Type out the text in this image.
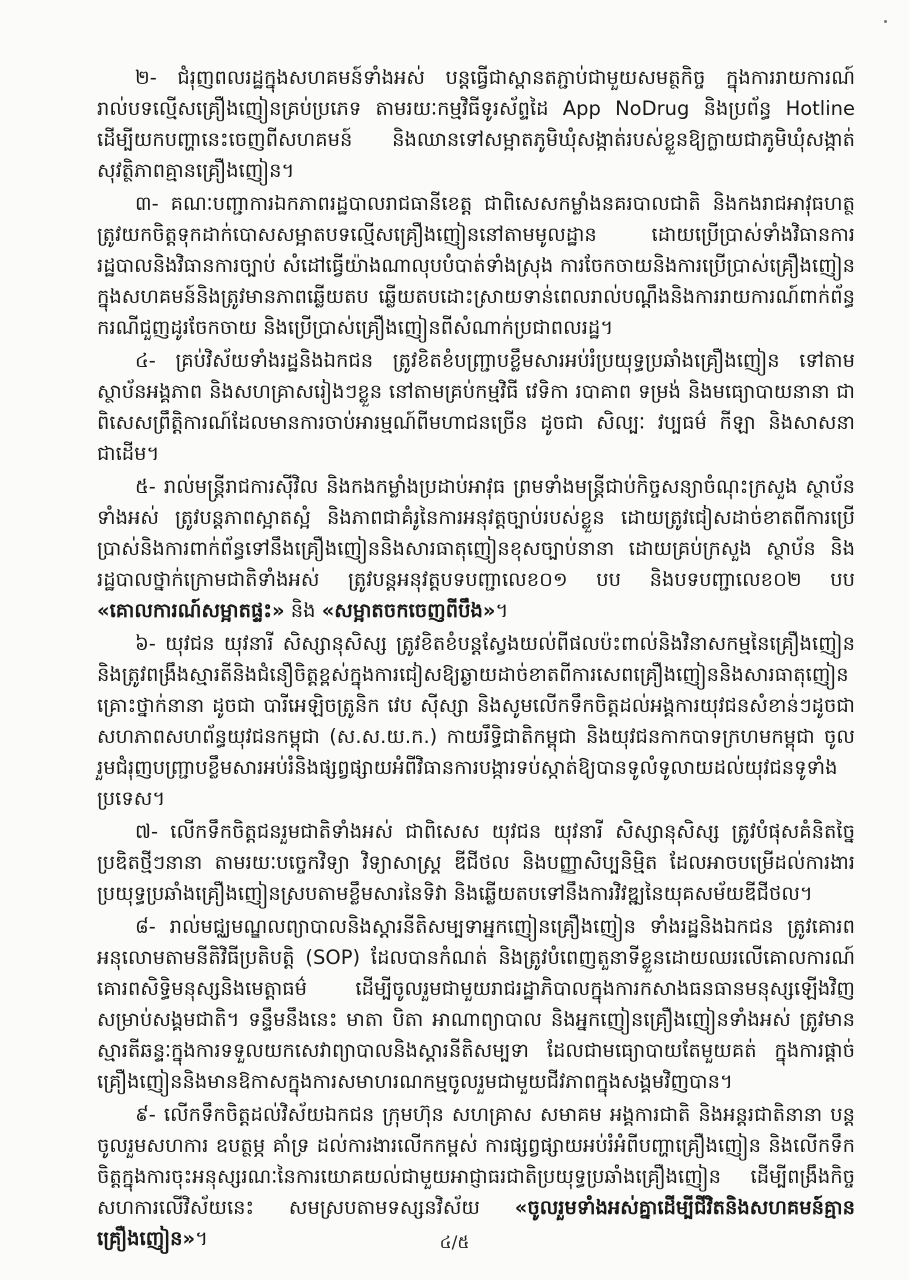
២- ជំរុញពលរដ្ឋក្នុងសហគមន៍ទាំងអស់ បន្តធ្វើជាស្ពានតភ្ជាប់ជាមួយសមត្ថកិច្ច ក្នុងការរាយការណ៍រាល់បទល្មើសគ្រឿងញៀនគ្រប់ប្រភេទ តាមរយៈកម្មវិធីទូរស័ព្ទដៃ App NoDrug និងប្រព័ន្ធ Hotline ដើម្បីយកបញ្ហានេះចេញពីសហគមន៍ និងឈានទៅសម្អាតភូមិឃុំសង្កាត់របស់ខ្លួនឱ្យក្លាយជាភូមិឃុំសង្កាត់សុវត្ថិភាពគ្មានគ្រឿងញៀន។

៣- គណៈបញ្ជាការឯកភាពរដ្ឋបាលរាជធានីខេត្ត ជាពិសេសកម្លាំងនគរបាលជាតិ និងកងរាជអាវុធហត្ថត្រូវយកចិត្តទុកដាក់បោសសម្អាតបទល្មើសគ្រឿងញៀននៅតាមមូលដ្ឋាន ដោយប្រើប្រាស់ទាំងវិធានការរដ្ឋបាលនិងវិធានការច្បាប់ សំដៅធ្វើយ៉ាងណាលុបបំបាត់ទាំងស្រុង ការចែកចាយនិងការប្រើប្រាស់គ្រឿងញៀនក្នុងសហគមន៍និងត្រូវមានភាពឆ្លើយតប ឆ្លើយតបដោះស្រាយទាន់ពេលរាល់បណ្ដឹងនិងការរាយការណ៍ពាក់ព័ន្ធករណីជួញដូរចែកចាយ និងប្រើប្រាស់គ្រឿងញៀនពីសំណាក់ប្រជាពលរដ្ឋ។

៤- គ្រប់វិស័យទាំងរដ្ឋនិងឯកជន ត្រូវខិតខំបញ្ជ្រាបខ្លឹមសារអប់រំប្រយុទ្ធប្រឆាំងគ្រឿងញៀន ទៅតាមស្ថាប័នអង្គភាព និងសហគ្រាសរៀងៗខ្លួន នៅតាមគ្រប់កម្មវិធី វេទិកា របាគាព ទម្រង់ និងមធ្យោបាយនានា ជាពិសេសព្រឹត្តិការណ៍ដែលមានការចាប់អារម្មណ៍ពីមហាជនច្រើន ដូចជា សិល្បៈ វប្បធម៌ កីឡា និងសាសនា ជាដើម។

៥- រាល់មន្ត្រីរាជការស៊ីវិល និងកងកម្លាំងប្រដាប់អាវុធ ព្រមទាំងមន្ត្រីជាប់កិច្ចសន្យាចំណុះក្រសួង ស្ថាប័នទាំងអស់ ត្រូវបន្តភាពស្អាតស្អំ និងភាពជាគំរូនៃការអនុវត្តច្បាប់របស់ខ្លួន ដោយត្រូវជៀសដាច់ខាតពីការប្រើប្រាស់និងការពាក់ព័ន្ធទៅនឹងគ្រឿងញៀននិងសារធាតុញៀនខុសច្បាប់នានា ដោយគ្រប់ក្រសួង ស្ថាប័ន និងរដ្ឋបាលថ្នាក់ក្រោមជាតិទាំងអស់ ត្រូវបន្តអនុវត្តបទបញ្ជាលេខ០១ បប និងបទបញ្ជាលេខ០២ បប «គោលការណ៍សម្អាតផ្ទះ» និង «សម្អាតចកចេញពីបឹង»។

៦- យុវជន យុវនារី សិស្សានុសិស្ស ត្រូវខិតខំបន្តស្វែងយល់ពីផលប៉ះពាល់និងវិនាសកម្មនៃគ្រឿងញៀននិងត្រូវពង្រឹងស្មារតីនិងជំនឿចិត្តខ្ពស់ក្នុងការជៀសឱ្យឆ្ងាយដាច់ខាតពីការសេពគ្រឿងញៀននិងសារធាតុញៀនគ្រោះថ្នាក់នានា ដូចជា បារីអេឡិចត្រូនិក វេប ស៊ីស្សា និងសូមលើកទឹកចិត្តដល់អង្គការយុវជនសំខាន់ៗដូចជាសហភាពសហព័ន្ធយុវជនកម្ពុជា (ស.ស.យ.ក.) កាយរឹទ្ធិជាតិកម្ពុជា និងយុវជនកាកបាទក្រហមកម្ពុជា ចូលរួមជំរុញបញ្ជ្រាបខ្លឹមសារអប់រំនិងផ្សព្វផ្សាយអំពីវិធានការបង្ការទប់ស្កាត់ឱ្យបានទូលំទូលាយដល់យុវជនទូទាំងប្រទេស។

៧- លើកទឹកចិត្តជនរួមជាតិទាំងអស់ ជាពិសេស យុវជន យុវនារី សិស្សានុសិស្ស ត្រូវបំផុសគំនិតច្នៃប្រឌិតថ្មីៗនានា តាមរយៈបច្ចេកវិទ្យា វិទ្យាសាស្ត្រ ឌីជីថល និងបញ្ញាសិប្បនិម្មិត ដែលអាចបម្រើដល់ការងារប្រយុទ្ធប្រឆាំងគ្រឿងញៀនស្របតាមខ្លឹមសារនៃទិវា និងឆ្លើយតបទៅនឹងការវិវឌ្ឍនៃយុគសម័យឌីជីថល។

៨- រាល់មជ្ឈមណ្ឌលព្យាបាលនិងស្តារនីតិសម្បទាអ្នកញៀនគ្រឿងញៀន ទាំងរដ្ឋនិងឯកជន ត្រូវគោរពអនុលោមតាមនីតិវិធីប្រតិបត្តិ (SOP) ដែលបានកំណត់ និងត្រូវបំពេញតួនាទីខ្លួនដោយឈរលើគោលការណ៍គោរពសិទ្ធិមនុស្សនិងមេត្តាធម៌ ដើម្បីចូលរួមជាមួយរាជរដ្ឋាភិបាលក្នុងការកសាងធនធានមនុស្សឡើងវិញសម្រាប់សង្គមជាតិ។ ទន្ទឹមនឹងនេះ មាតា បិតា អាណាព្យាបាល និងអ្នកញៀនគ្រឿងញៀនទាំងអស់ ត្រូវមានស្មារតីឆន្ទៈក្នុងការទទួលយកសេវាព្យាបាលនិងស្តារនីតិសម្បទា ដែលជាមធ្យោបាយតែមួយគត់ ក្នុងការផ្ដាច់គ្រឿងញៀននិងមានឱកាសក្នុងការសមាហរណកម្មចូលរួមជាមួយជីវភាពក្នុងសង្គមវិញបាន។

៩- លើកទឹកចិត្តដល់វិស័យឯកជន ក្រុមហ៊ុន សហគ្រាស សមាគម អង្គការជាតិ និងអន្តរជាតិនានា បន្តចូលរួមសហការ ឧបត្ថម្ភ គាំទ្រ ដល់ការងារលើកកម្ពស់ ការផ្សព្វផ្សាយអប់រំអំពីបញ្ហាគ្រឿងញៀន និងលើកទឹកចិត្តក្នុងការចុះអនុស្សរណៈនៃការយោគយល់ជាមួយអាជ្ញាធរជាតិប្រយុទ្ធប្រឆាំងគ្រឿងញៀន ដើម្បីពង្រឹងកិច្ចសហការលើវិស័យនេះ សមស្របតាមទស្សនវិស័យ «ចូលរួមទាំងអស់គ្នាដើម្បីជីវិតនិងសហគមន៍គ្មានគ្រឿងញៀន»។	៤/៥
